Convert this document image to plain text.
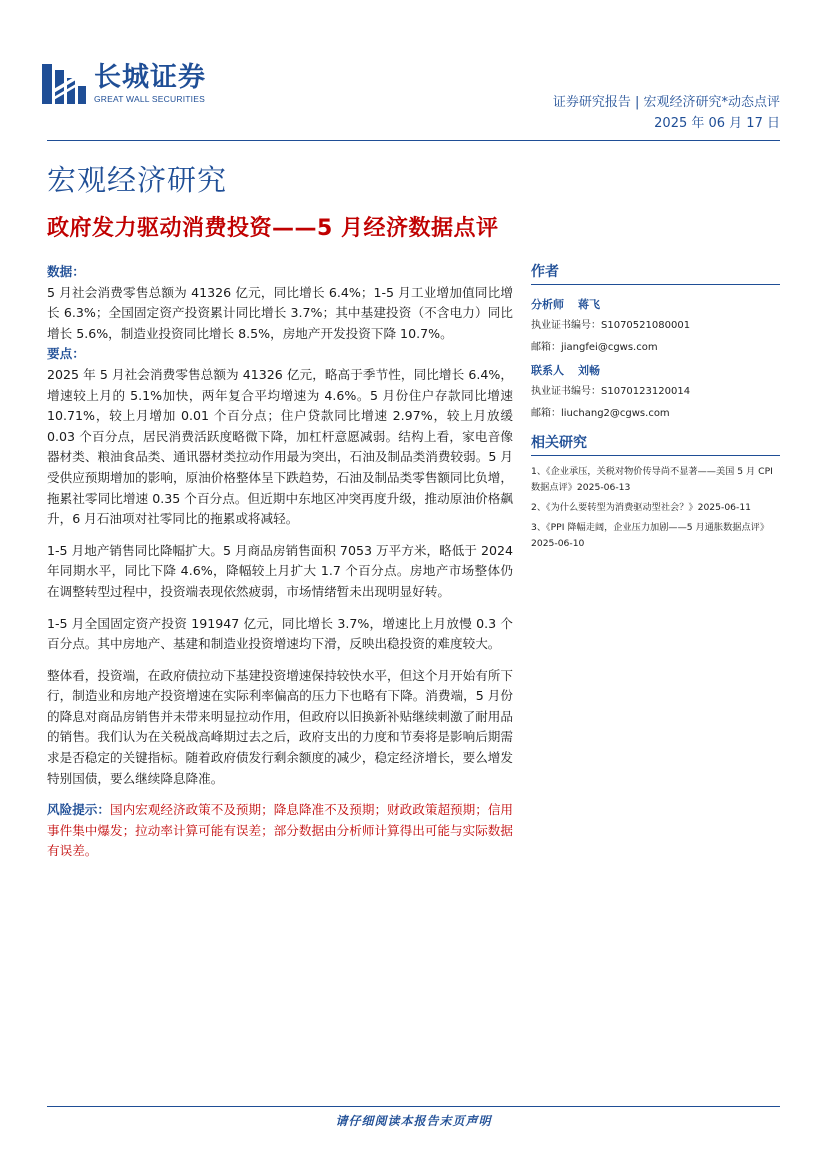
长城证券
GREAT WALL SECURITIES	证券研究报告 | 宏观经济研究*动态点评
2025 年 06 月 17 日
宏观经济研究
政府发力驱动消费投资——5 月经济数据点评

数据：

5 月社会消费零售总额为 41326 亿元，同比增长 6.4%；1-5 月工业增加值同比增长 6.3%；全国固定资产投资累计同比增长 3.7%；其中基建投资（不含电力）同比增长 5.6%，制造业投资同比增长 8.5%，房地产开发投资下降 10.7%。

要点：

2025 年 5 月社会消费零售总额为 41326 亿元，略高于季节性，同比增长 6.4%，增速较上月的 5.1%加快，两年复合平均增速为 4.6%。5 月份住户存款同比增速 10.71%，较上月增加 0.01 个百分点；住户贷款同比增速 2.97%，较上月放缓 0.03 个百分点，居民消费活跃度略微下降，加杠杆意愿减弱。结构上看，家电音像器材类、粮油食品类、通讯器材类拉动作用最为突出，石油及制品类消费较弱。5 月受供应预期增加的影响，原油价格整体呈下跌趋势，石油及制品类零售额同比负增，拖累社零同比增速 0.35 个百分点。但近期中东地区冲突再度升级，推动原油价格飙升，6 月石油项对社零同比的拖累或将减轻。

1-5 月地产销售同比降幅扩大。5 月商品房销售面积 7053 万平方米，略低于 2024 年同期水平，同比下降 4.6%，降幅较上月扩大 1.7 个百分点。房地产市场整体仍在调整转型过程中，投资端表现依然疲弱，市场情绪暂未出现明显好转。

1-5 月全国固定资产投资 191947 亿元，同比增长 3.7%，增速比上月放慢 0.3 个百分点。其中房地产、基建和制造业投资增速均下滑，反映出稳投资的难度较大。

整体看，投资端，在政府债拉动下基建投资增速保持较快水平，但这个月开始有所下行，制造业和房地产投资增速在实际利率偏高的压力下也略有下降。消费端，5 月份的降息对商品房销售并未带来明显拉动作用，但政府以旧换新补贴继续刺激了耐用品的销售。我们认为在关税战高峰期过去之后，政府支出的力度和节奏将是影响后期需求是否稳定的关键指标。随着政府债发行剩余额度的减少，稳定经济增长，要么增发特别国债，要么继续降息降准。

风险提示：国内宏观经济政策不及预期；降息降准不及预期；财政政策超预期；信用事件集中爆发；拉动率计算可能有误差；部分数据由分析师计算得出可能与实际数据有误差。

作者
分析师 蒋飞
执业证书编号：S1070521080001
邮箱：jiangfei@cgws.com
联系人 刘畅
执业证书编号：S1070123120014
邮箱：liuchang2@cgws.com
相关研究
1、《企业承压，关税对物价传导尚不显著——美国 5 月 CPI 数据点评》2025-06-13
2、《为什么要转型为消费驱动型社会？》2025-06-11
3、《PPI 降幅走阔，企业压力加剧——5 月通胀数据点评》2025-06-10
请仔细阅读本报告末页声明
